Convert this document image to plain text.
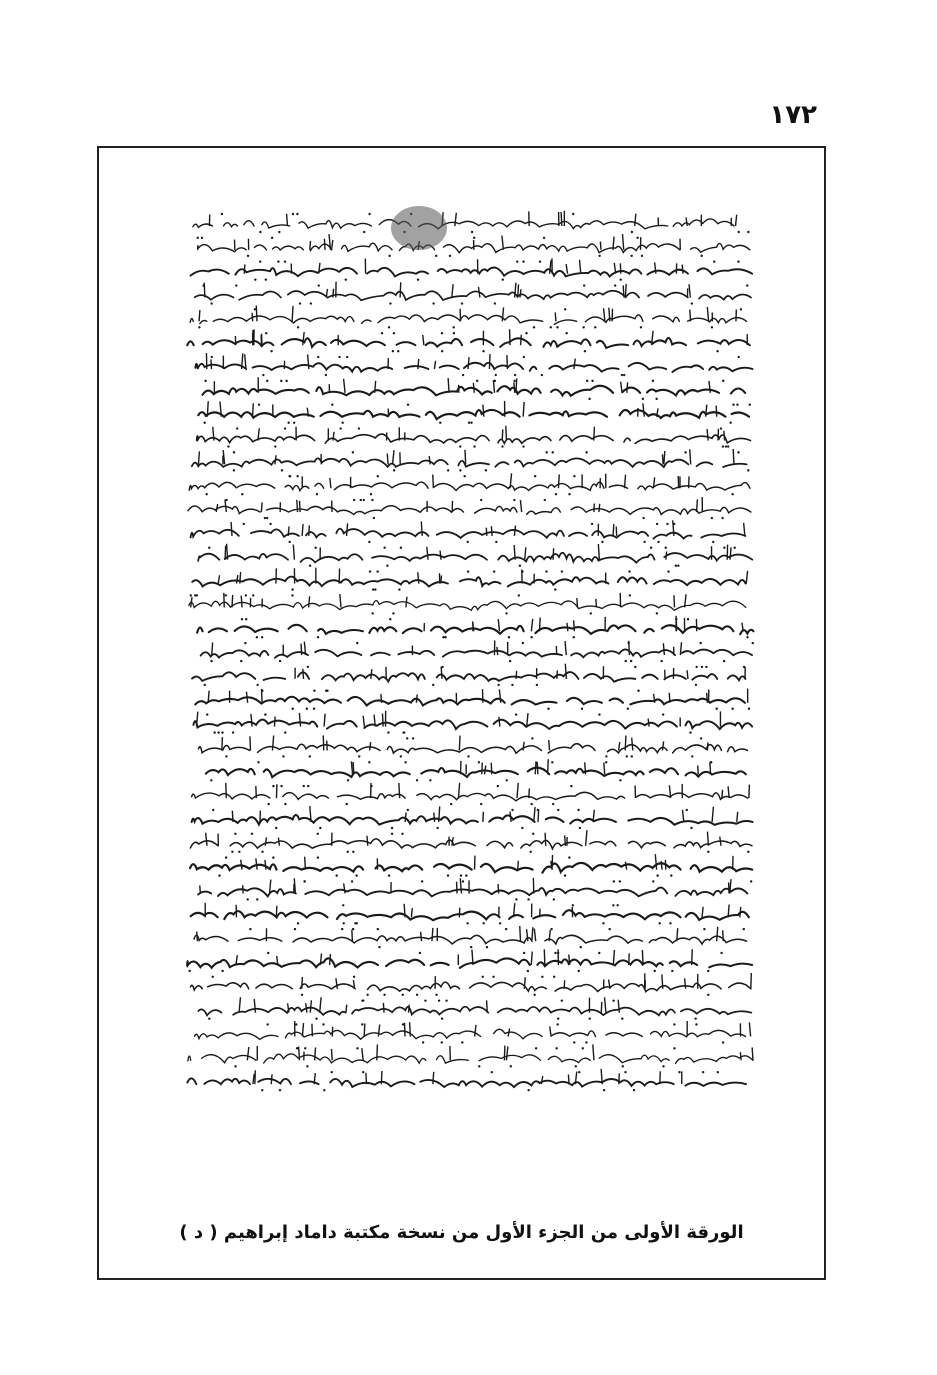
١٧٢
الورقة الأولى من الجزء الأول من نسخة مكتبة داماد إبراهيم ( د )
